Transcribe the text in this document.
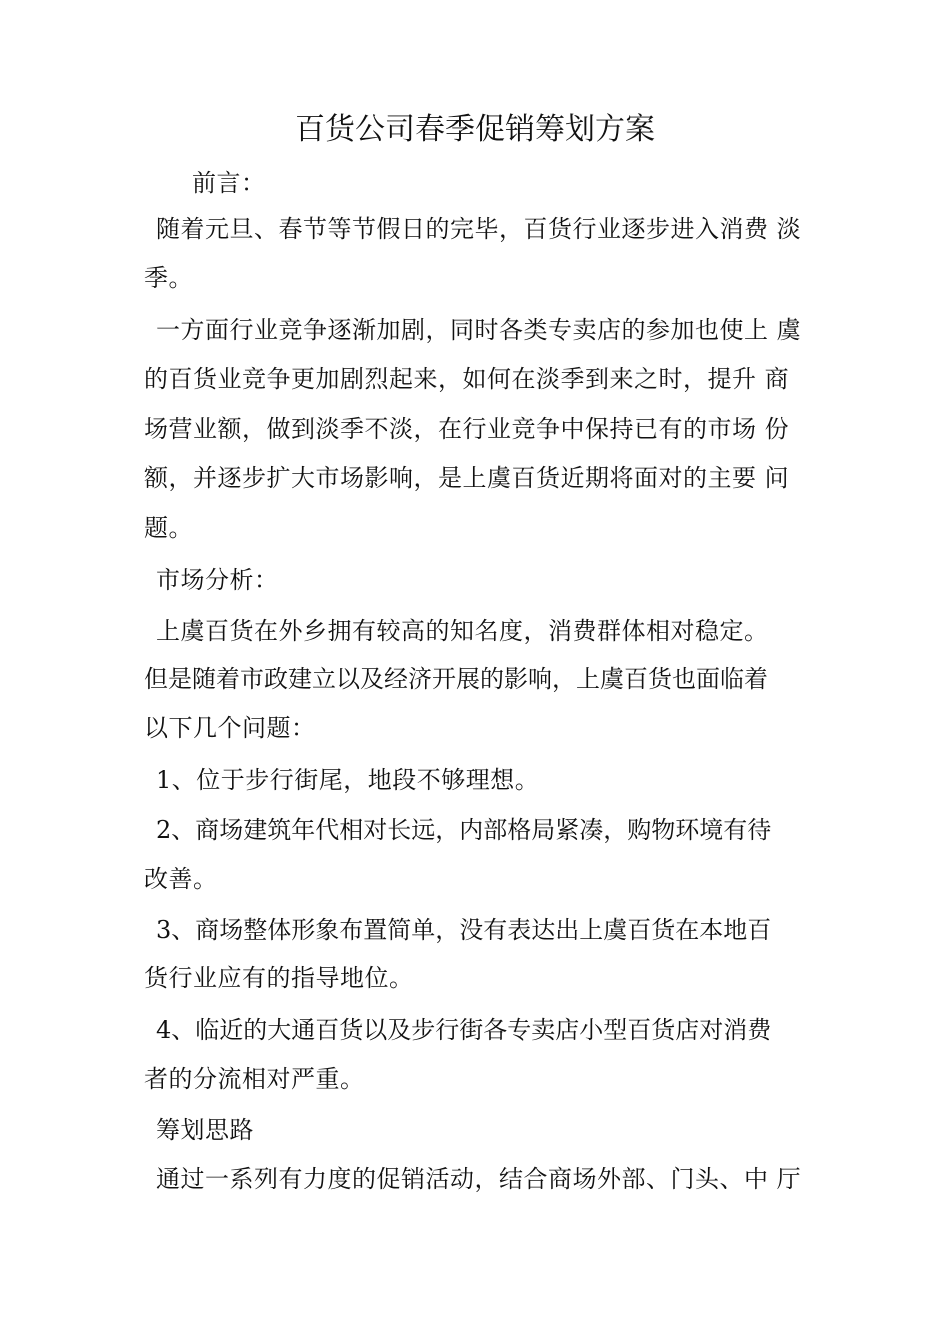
百货公司春季促销筹划方案
前言：
随着元旦、春节等节假日的完毕，百货行业逐步进入消费 淡
季。
一方面行业竞争逐渐加剧，同时各类专卖店的参加也使上 虞
的百货业竞争更加剧烈起来，如何在淡季到来之时，提升 商
场营业额，做到淡季不淡，在行业竞争中保持已有的市场 份
额，并逐步扩大市场影响，是上虞百货近期将面对的主要 问
题。
市场分析：
上虞百货在外乡拥有较高的知名度，消费群体相对稳定。
但是随着市政建立以及经济开展的影响，上虞百货也面临着
以下几个问题：
1、位于步行街尾，地段不够理想。
2、商场建筑年代相对长远，内部格局紧凑，购物环境有待
改善。
3、商场整体形象布置简单，没有表达出上虞百货在本地百
货行业应有的指导地位。
4、临近的大通百货以及步行街各专卖店小型百货店对消费
者的分流相对严重。
筹划思路
通过一系列有力度的促销活动，结合商场外部、门头、中 厅
